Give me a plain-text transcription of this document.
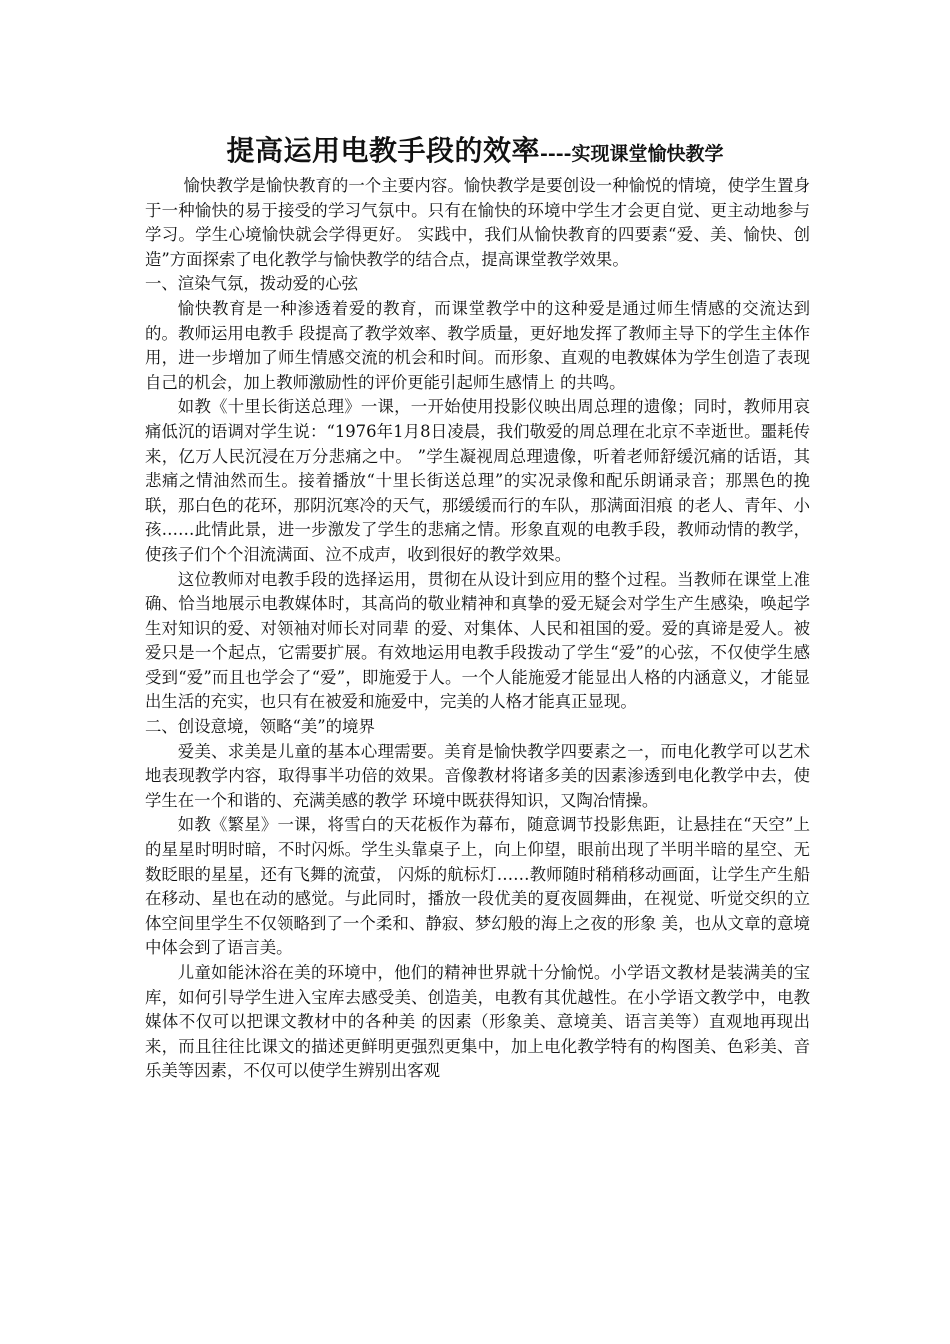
提高运用电教手段的效率----实现课堂愉快教学

愉快教学是愉快教育的一个主要内容。愉快教学是要创设一种愉悦的情境，使学生置身于一种愉快的易于接受的学习气氛中。只有在愉快的环境中学生才会更自觉、更主动地参与学习。学生心境愉快就会学得更好。 实践中，我们从愉快教育的四要素“爱、美、愉快、创造”方面探索了电化教学与愉快教学的结合点，提高课堂教学效果。

一、渲染气氛，拨动爱的心弦

愉快教育是一种渗透着爱的教育，而课堂教学中的这种爱是通过师生情感的交流达到的。教师运用电教手 段提高了教学效率、教学质量，更好地发挥了教师主导下的学生主体作用，进一步增加了师生情感交流的机会和时间。而形象、直观的电教媒体为学生创造了表现自己的机会，加上教师激励性的评价更能引起师生感情上 的共鸣。

如教《十里长街送总理》一课，一开始使用投影仪映出周总理的遗像；同时，教师用哀痛低沉的语调对学生说：“1976年1月8日凌晨，我们敬爱的周总理在北京不幸逝世。噩耗传来，亿万人民沉浸在万分悲痛之中。 ”学生凝视周总理遗像，听着老师舒缓沉痛的话语，其悲痛之情油然而生。接着播放“十里长街送总理”的实况录像和配乐朗诵录音；那黑色的挽联，那白色的花环，那阴沉寒冷的天气，那缓缓而行的车队，那满面泪痕 的老人、青年、小孩……此情此景，进一步激发了学生的悲痛之情。形象直观的电教手段，教师动情的教学，使孩子们个个泪流满面、泣不成声，收到很好的教学效果。

这位教师对电教手段的选择运用，贯彻在从设计到应用的整个过程。当教师在课堂上准确、恰当地展示电教媒体时，其高尚的敬业精神和真挚的爱无疑会对学生产生感染，唤起学生对知识的爱、对领袖对师长对同辈 的爱、对集体、人民和祖国的爱。爱的真谛是爱人。被爱只是一个起点，它需要扩展。有效地运用电教手段拨动了学生“爱”的心弦，不仅使学生感受到“爱”而且也学会了“爱”，即施爱于人。一个人能施爱才能显出人格的内涵意义，才能显出生活的充实，也只有在被爱和施爱中，完美的人格才能真正显现。

二、创设意境，领略“美”的境界

爱美、求美是儿童的基本心理需要。美育是愉快教学四要素之一，而电化教学可以艺术地表现教学内容，取得事半功倍的效果。音像教材将诸多美的因素渗透到电化教学中去，使学生在一个和谐的、充满美感的教学 环境中既获得知识，又陶冶情操。

如教《繁星》一课，将雪白的天花板作为幕布，随意调节投影焦距，让悬挂在“天空”上的星星时明时暗，不时闪烁。学生头靠桌子上，向上仰望，眼前出现了半明半暗的星空、无数眨眼的星星，还有飞舞的流萤， 闪烁的航标灯……教师随时稍稍移动画面，让学生产生船在移动、星也在动的感觉。与此同时，播放一段优美的夏夜圆舞曲，在视觉、听觉交织的立体空间里学生不仅领略到了一个柔和、静寂、梦幻般的海上之夜的形象 美，也从文章的意境中体会到了语言美。

儿童如能沐浴在美的环境中，他们的精神世界就十分愉悦。小学语文教材是装满美的宝库，如何引导学生进入宝库去感受美、创造美，电教有其优越性。在小学语文教学中，电教媒体不仅可以把课文教材中的各种美 的因素（形象美、意境美、语言美等）直观地再现出来，而且往往比课文的描述更鲜明更强烈更集中，加上电化教学特有的构图美、色彩美、音乐美等因素，不仅可以使学生辨别出客观
